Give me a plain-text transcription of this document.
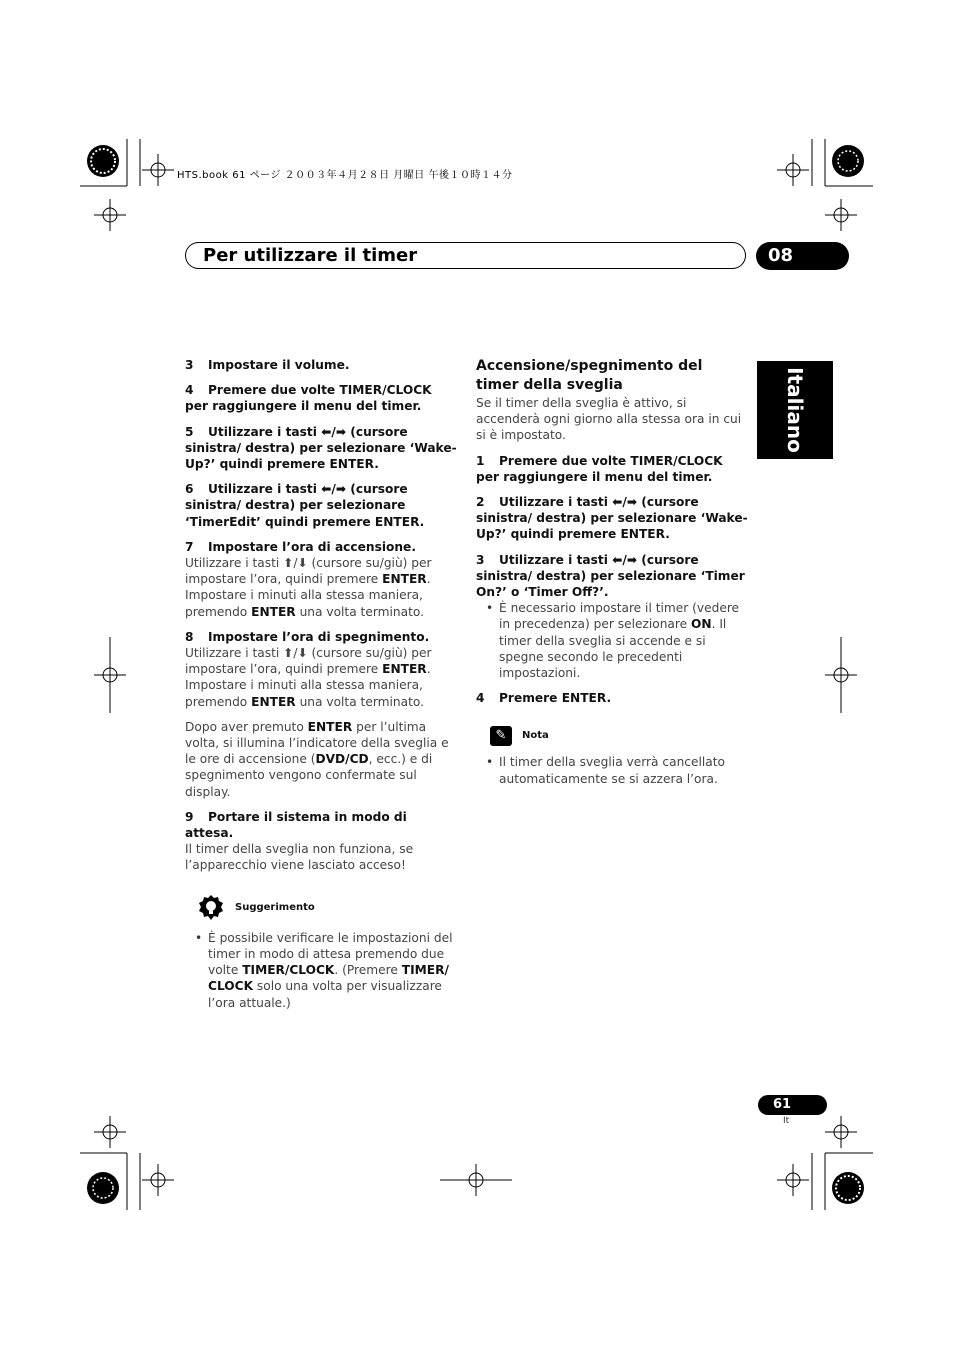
HTS.book 61 ページ ２００３年４月２８日 月曜日 午後１０時１４分
Per utilizzare il timer	08
Italiano

3 Impostare il volume.

4 Premere due volte TIMER/CLOCK per raggiungere il menu del timer.

5 Utilizzare i tasti ⬅/➡ (cursore sinistra/ destra) per selezionare ‘Wake-Up?’ quindi premere ENTER.

6 Utilizzare i tasti ⬅/➡ (cursore sinistra/ destra) per selezionare ‘TimerEdit’ quindi premere ENTER.

7 Impostare l’ora di accensione.

Utilizzare i tasti ⬆/⬇ (cursore su/giù) per impostare l’ora, quindi premere ENTER. Impostare i minuti alla stessa maniera, premendo ENTER una volta terminato.

8 Impostare l’ora di spegnimento.

Utilizzare i tasti ⬆/⬇ (cursore su/giù) per impostare l’ora, quindi premere ENTER. Impostare i minuti alla stessa maniera, premendo ENTER una volta terminato.

Dopo aver premuto ENTER per l’ultima volta, si illumina l’indicatore della sveglia e le ore di accensione (DVD/CD, ecc.) e di spegnimento vengono confermate sul display.

9 Portare il sistema in modo di attesa.

Il timer della sveglia non funziona, se l’apparecchio viene lasciato acceso!

Suggerimento

• È possibile verificare le impostazioni del timer in modo di attesa premendo due volte TIMER/CLOCK. (Premere TIMER/ CLOCK solo una volta per visualizzare l’ora attuale.)

Accensione/spegnimento del timer della sveglia

Se il timer della sveglia è attivo, si accenderà ogni giorno alla stessa ora in cui si è impostato.

1 Premere due volte TIMER/CLOCK per raggiungere il menu del timer.

2 Utilizzare i tasti ⬅/➡ (cursore sinistra/ destra) per selezionare ‘Wake-Up?’ quindi premere ENTER.

3 Utilizzare i tasti ⬅/➡ (cursore sinistra/ destra) per selezionare ‘Timer On?’ o ‘Timer Off?’.

• È necessario impostare il timer (vedere in precedenza) per selezionare ON. Il timer della sveglia si accende e si spegne secondo le precedenti impostazioni.

4 Premere ENTER.

✎	Nota

• Il timer della sveglia verrà cancellato automaticamente se si azzera l’ora.

61
It
